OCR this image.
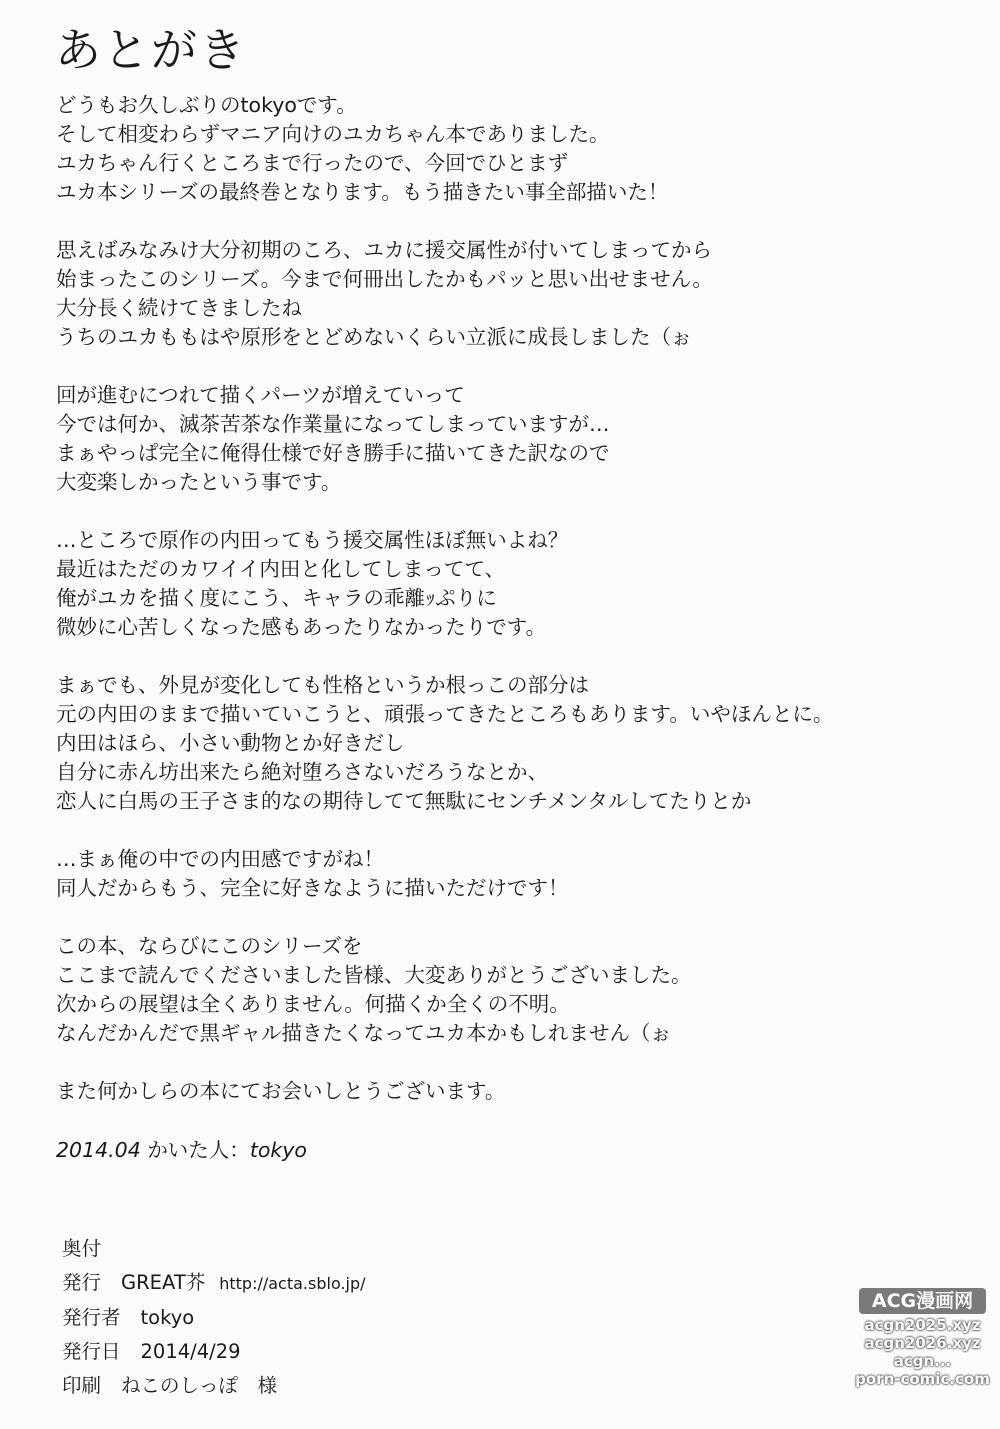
あとがき
どうもお久しぶりのtokyoです。
そして相変わらずマニア向けのユカちゃん本でありました。
ユカちゃん行くところまで行ったので、今回でひとまず
ユカ本シリーズの最終巻となります。もう描きたい事全部描いた！
思えばみなみけ大分初期のころ、ユカに援交属性が付いてしまってから
始まったこのシリーズ。今まで何冊出したかもパッと思い出せません。
大分長く続けてきましたね
うちのユカももはや原形をとどめないくらい立派に成長しました（ぉ
回が進むにつれて描くパーツが増えていって
今では何か、滅茶苦茶な作業量になってしまっていますが…
まぁやっぱ完全に俺得仕様で好き勝手に描いてきた訳なので
大変楽しかったという事です。
…ところで原作の内田ってもう援交属性ほぼ無いよね？
最近はただのカワイイ内田と化してしまってて、
俺がユカを描く度にこう、キャラの乖離ｯぷりに
微妙に心苦しくなった感もあったりなかったりです。
まぁでも、外見が変化しても性格というか根っこの部分は
元の内田のままで描いていこうと、頑張ってきたところもあります。いやほんとに。
内田はほら、小さい動物とか好きだし
自分に赤ん坊出来たら絶対堕ろさないだろうなとか、
恋人に白馬の王子さま的なの期待してて無駄にセンチメンタルしてたりとか
…まぁ俺の中での内田感ですがね！
同人だからもう、完全に好きなように描いただけです！
この本、ならびにこのシリーズを
ここまで読んでくださいました皆様、大変ありがとうございました。
次からの展望は全くありません。何描くか全くの不明。
なんだかんだで黒ギャル描きたくなってユカ本かもしれません（ぉ
また何かしらの本にてお会いしとうございます。
2014.04 かいた人：tokyo
奥付
発行 GREAT芥 http://acta.sblo.jp/
発行者 tokyo
発行日 2014/4/29
印刷 ねこのしっぽ　様
ACG漫画网
acgn2025.xyz
acgn2026.xyz
acgn...
porn-comic.com
